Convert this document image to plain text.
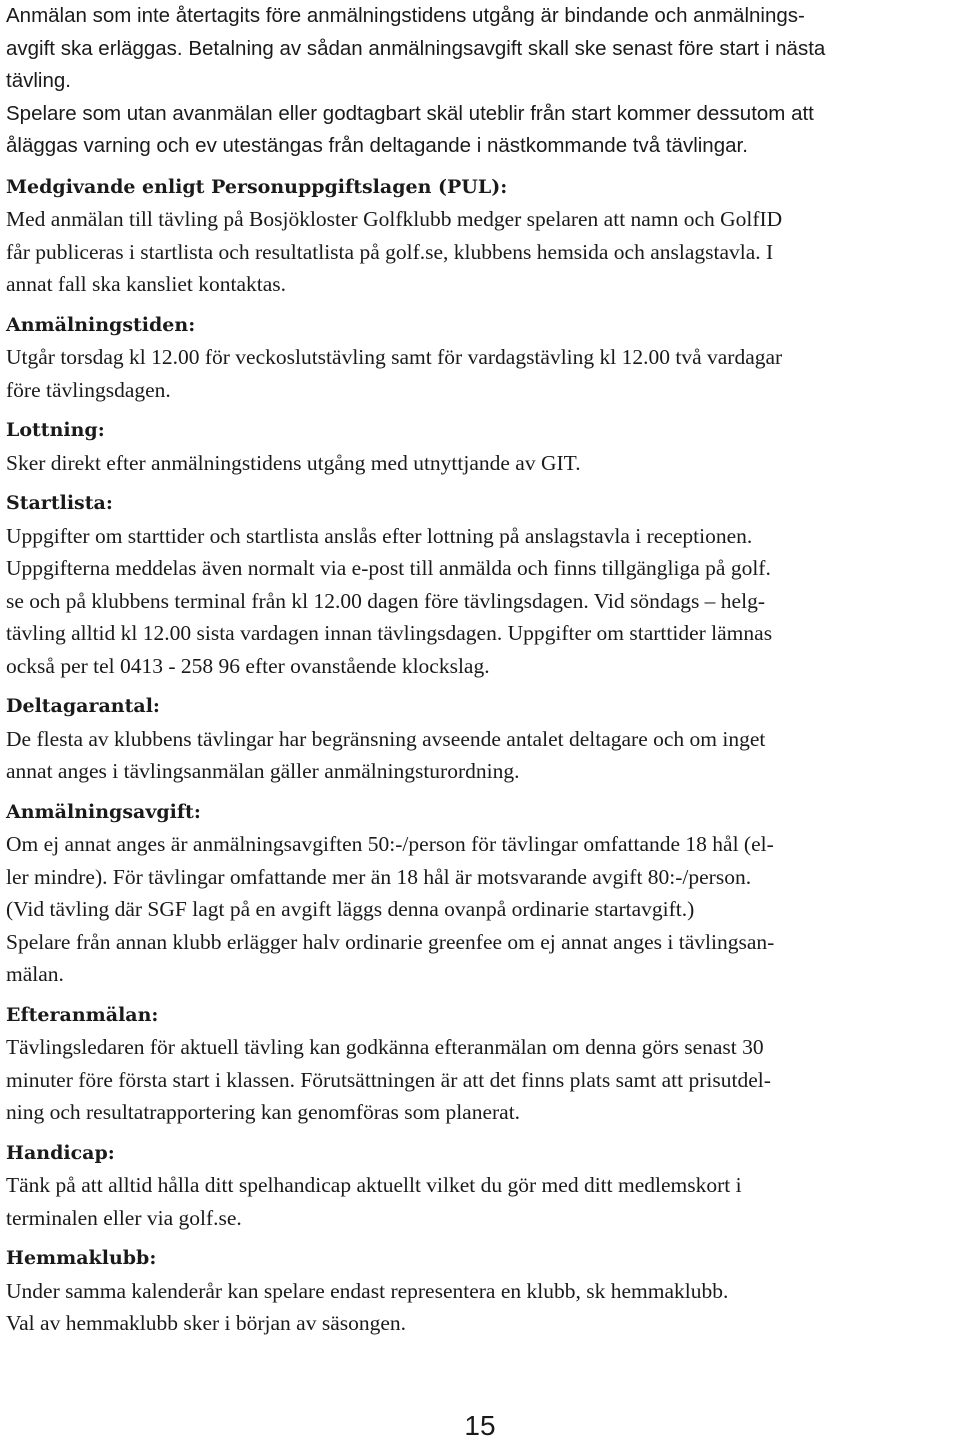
Anmälan som inte återtagits före anmälningstidens utgång är bindande och anmälnings-

avgift ska erläggas. Betalning av sådan anmälningsavgift skall ske senast före start i nästa

tävling.

Spelare som utan avanmälan eller godtagbart skäl uteblir från start kommer dessutom att

åläggas varning och ev utestängas från deltagande i nästkommande två tävlingar.

Medgivande enligt Personuppgiftslagen (PUL):

Med anmälan till tävling på Bosjökloster Golfklubb medger spelaren att namn och GolfID

får publiceras i startlista och resultatlista på golf.se, klubbens hemsida och anslagstavla. I

annat fall ska kansliet kontaktas.

Anmälningstiden:

Utgår torsdag kl 12.00 för veckoslutstävling samt för vardagstävling kl 12.00 två vardagar

före tävlingsdagen.

Lottning:

Sker direkt efter anmälningstidens utgång med utnyttjande av GIT.

Startlista:

Uppgifter om starttider och startlista anslås efter lottning på anslagstavla i receptionen.

Uppgifterna meddelas även normalt via e-post till anmälda och finns tillgängliga på golf.

se och på klubbens terminal från kl 12.00 dagen före tävlingsdagen. Vid söndags – helg-

tävling alltid kl 12.00 sista vardagen innan tävlingsdagen. Uppgifter om starttider lämnas

också per tel 0413 - 258 96 efter ovanstående klockslag.

Deltagarantal:

De flesta av klubbens tävlingar har begränsning avseende antalet deltagare och om inget

annat anges i tävlingsanmälan gäller anmälningsturordning.

Anmälningsavgift:

Om ej annat anges är anmälningsavgiften 50:-/person för tävlingar omfattande 18 hål (el-

ler mindre). För tävlingar omfattande mer än 18 hål är motsvarande avgift 80:-/person.

(Vid tävling där SGF lagt på en avgift läggs denna ovanpå ordinarie startavgift.)

Spelare från annan klubb erlägger halv ordinarie greenfee om ej annat anges i tävlingsan-

mälan.

Efteranmälan:

Tävlingsledaren för aktuell tävling kan godkänna efteranmälan om denna görs senast 30

minuter före första start i klassen. Förutsättningen är att det finns plats samt att prisutdel-

ning och resultatrapportering kan genomföras som planerat.

Handicap:

Tänk på att alltid hålla ditt spelhandicap aktuellt vilket du gör med ditt medlemskort i

terminalen eller via golf.se.

Hemmaklubb:

Under samma kalenderår kan spelare endast representera en klubb, sk hemmaklubb.

Val av hemmaklubb sker i början av säsongen.

15
